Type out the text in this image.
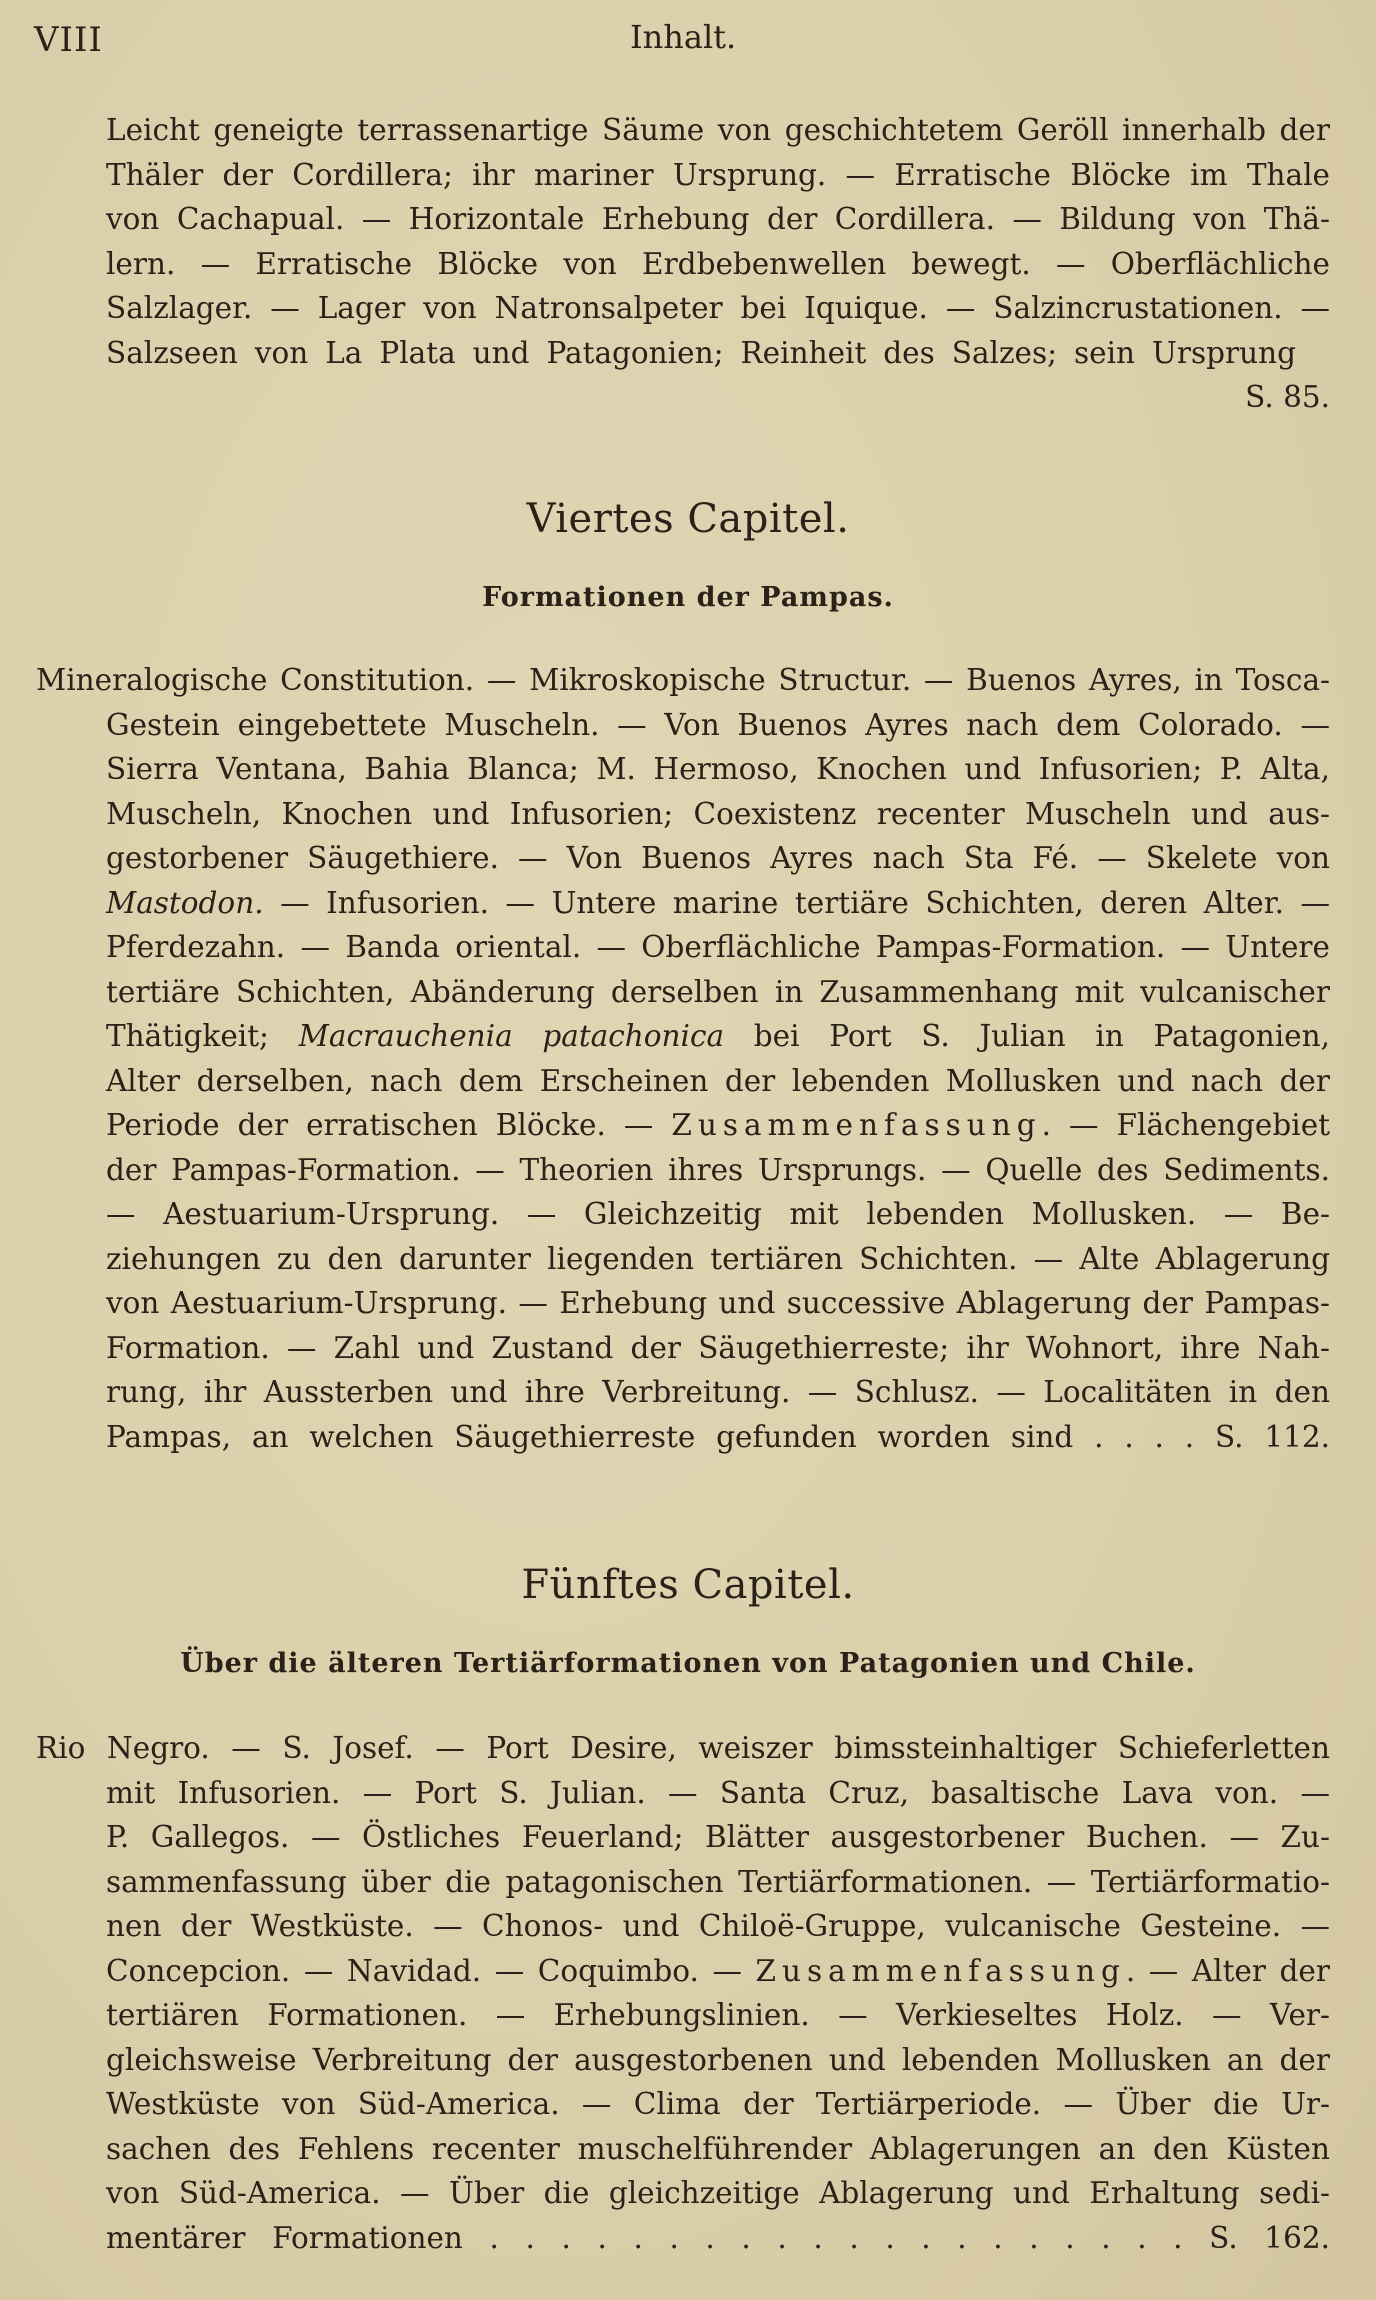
VIII	Inhalt.
Leicht geneigte terrassenartige Säume von geschichtetem Geröll innerhalb der
Thäler der Cordillera; ihr mariner Ursprung. — Erratische Blöcke im Thale
von Cachapual. — Horizontale Erhebung der Cordillera. — Bildung von Thä-
lern. — Erratische Blöcke von Erdbebenwellen bewegt. — Oberflächliche
Salzlager. — Lager von Natronsalpeter bei Iquique. — Salzincrustationen. —
Salzseen von La Plata und Patagonien; Reinheit des Salzes; sein Ursprung
S. 85.
Viertes Capitel.
Formationen der Pampas.
Mineralogische Constitution. — Mikroskopische Structur. — Buenos Ayres, in Tosca-
Gestein eingebettete Muscheln. — Von Buenos Ayres nach dem Colorado. —
Sierra Ventana, Bahia Blanca; M. Hermoso, Knochen und Infusorien; P. Alta,
Muscheln, Knochen und Infusorien; Coexistenz recenter Muscheln und aus-
gestorbener Säugethiere. — Von Buenos Ayres nach Sta Fé. — Skelete von
Mastodon. — Infusorien. — Untere marine tertiäre Schichten, deren Alter. —
Pferdezahn. — Banda oriental. — Oberflächliche Pampas-Formation. — Untere
tertiäre Schichten, Abänderung derselben in Zusammenhang mit vulcanischer
Thätigkeit; Macrauchenia patachonica bei Port S. Julian in Patagonien,
Alter derselben, nach dem Erscheinen der lebenden Mollusken und nach der
Periode der erratischen Blöcke. — Zusammenfassung. — Flächengebiet
der Pampas-Formation. — Theorien ihres Ursprungs. — Quelle des Sediments.
— Aestuarium-Ursprung. — Gleichzeitig mit lebenden Mollusken. — Be-
ziehungen zu den darunter liegenden tertiären Schichten. — Alte Ablagerung
von Aestuarium-Ursprung. — Erhebung und successive Ablagerung der Pampas-
Formation. — Zahl und Zustand der Säugethierreste; ihr Wohnort, ihre Nah-
rung, ihr Aussterben und ihre Verbreitung. — Schlusz. — Localitäten in den
Pampas, an welchen Säugethierreste gefunden worden sind . . . . S. 112.
Fünftes Capitel.
Über die älteren Tertiärformationen von Patagonien und Chile.
Rio Negro. — S. Josef. — Port Desire, weiszer bimssteinhaltiger Schieferletten
mit Infusorien. — Port S. Julian. — Santa Cruz, basaltische Lava von. —
P. Gallegos. — Östliches Feuerland; Blätter ausgestorbener Buchen. — Zu-
sammenfassung über die patagonischen Tertiärformationen. — Tertiärformatio-
nen der Westküste. — Chonos- und Chiloë-Gruppe, vulcanische Gesteine. —
Concepcion. — Navidad. — Coquimbo. — Zusammenfassung. — Alter der
tertiären Formationen. — Erhebungslinien. — Verkieseltes Holz. — Ver-
gleichsweise Verbreitung der ausgestorbenen und lebenden Mollusken an der
Westküste von Süd-America. — Clima der Tertiärperiode. — Über die Ur-
sachen des Fehlens recenter muschelführender Ablagerungen an den Küsten
von Süd-America. — Über die gleichzeitige Ablagerung und Erhaltung sedi-
mentärer Formationen . . . . . . . . . . . . . . . . . . . . S. 162.
